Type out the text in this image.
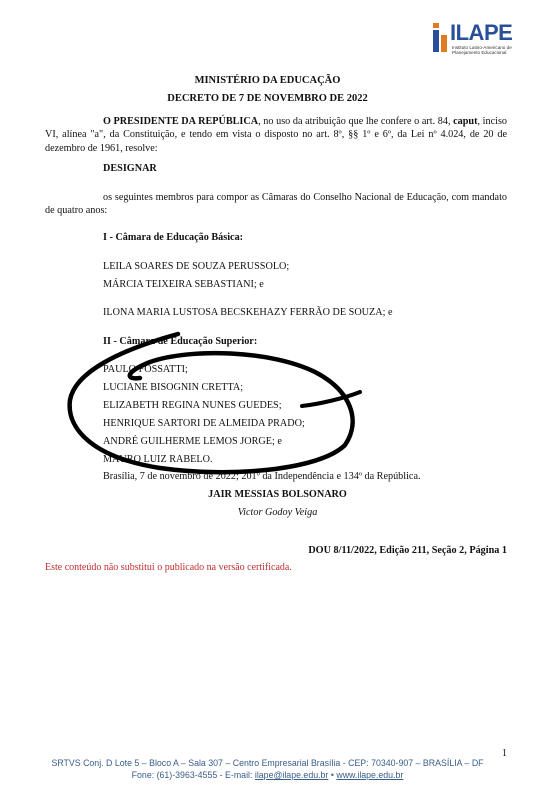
ILAPE
Instituto Latino-Americano de Planejamento Educacional
MINISTÉRIO DA EDUCAÇÃO
DECRETO DE 7 DE NOVEMBRO DE 2022
O PRESIDENTE DA REPÚBLICA, no uso da atribuição que lhe confere o art. 84, caput, inciso VI, alínea "a", da Constituição, e tendo em vista o disposto no art. 8º, §§ 1º e 6º, da Lei nº 4.024, de 20 de dezembro de 1961, resolve:
DESIGNAR
os seguintes membros para compor as Câmaras do Conselho Nacional de Educação, com mandato de quatro anos:
I - Câmara de Educação Básica:
LEILA SOARES DE SOUZA PERUSSOLO;
MÁRCIA TEIXEIRA SEBASTIANI; e
ILONA MARIA LUSTOSA BECSKEHAZY FERRÃO DE SOUZA; e
II - Câmara de Educação Superior:
PAULO FOSSATTI;
LUCIANE BISOGNIN CRETTA;
ELIZABETH REGINA NUNES GUEDES;
HENRIQUE SARTORI DE ALMEIDA PRADO;
ANDRÉ GUILHERME LEMOS JORGE; e
MAURO LUIZ RABELO.
Brasília, 7 de novembro de 2022; 201º da Independência e 134º da República.
JAIR MESSIAS BOLSONARO
Victor Godoy Veiga
DOU 8/11/2022, Edição 211, Seção 2, Página 1
Este conteúdo não substitui o publicado na versão certificada.
1
SRTVS Conj. D Lote 5 – Bloco A – Sala 307 – Centro Empresarial Brasília - CEP: 70340-907 – BRASÍLIA – DF
Fone: (61)-3963-4555 - E-mail: ilape@ilape.edu.br • www.ilape.edu.br
